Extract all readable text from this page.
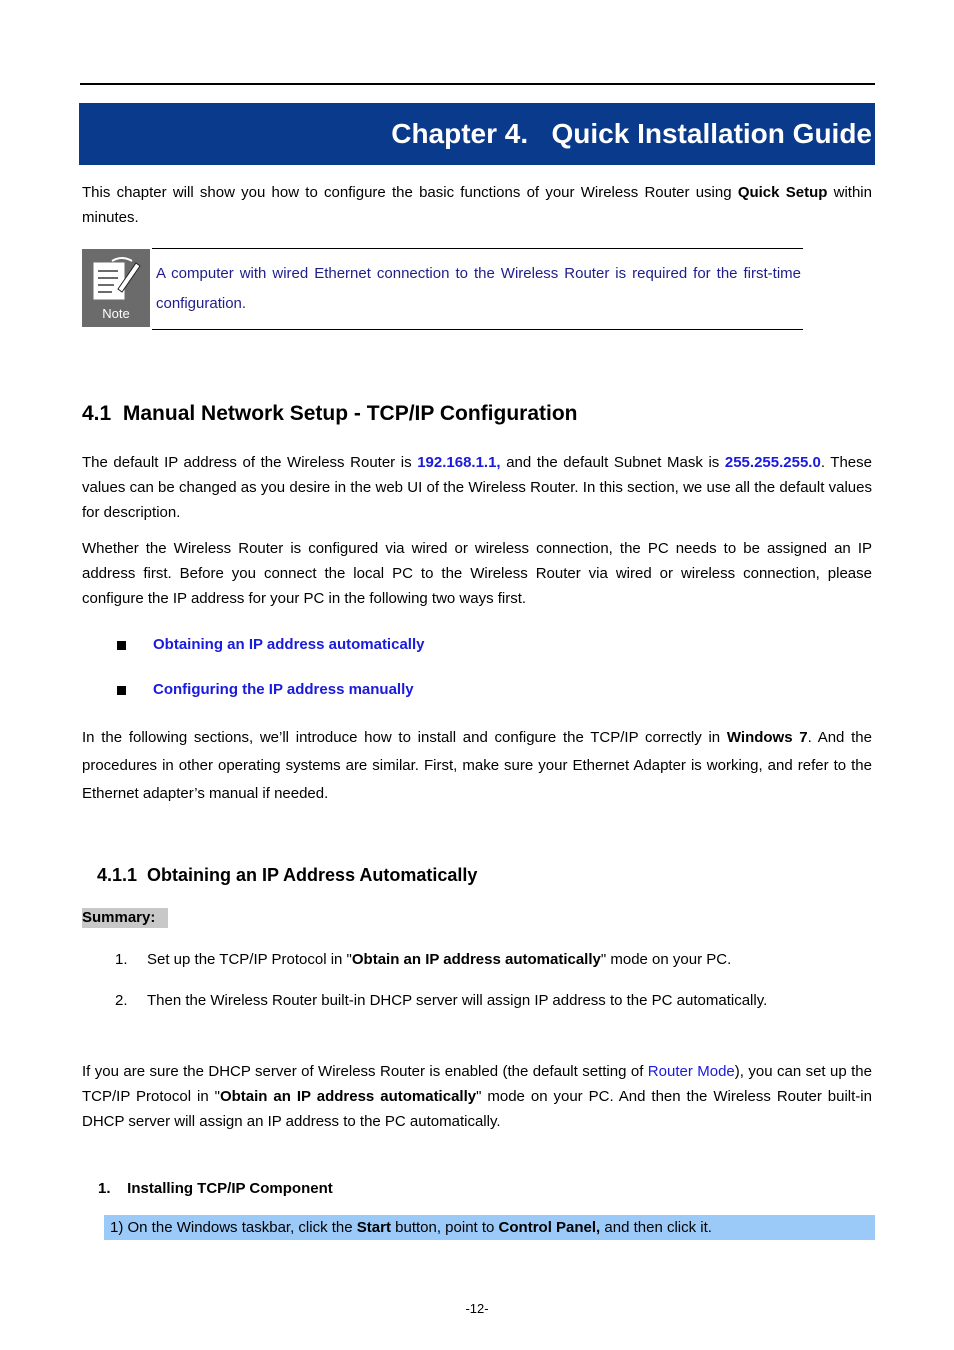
Chapter 4. Quick Installation Guide
This chapter will show you how to configure the basic functions of your Wireless Router using Quick Setup within minutes.
Note
A computer with wired Ethernet connection to the Wireless Router is required for the first-time configuration.
4.1  Manual Network Setup - TCP/IP Configuration
The default IP address of the Wireless Router is 192.168.1.1, and the default Subnet Mask is 255.255.255.0. These values can be changed as you desire in the web UI of the Wireless Router. In this section, we use all the default values for description.
Whether the Wireless Router is configured via wired or wireless connection, the PC needs to be assigned an IP address first. Before you connect the local PC to the Wireless Router via wired or wireless connection, please configure the IP address for your PC in the following two ways first.
Obtaining an IP address automatically
Configuring the IP address manually
In the following sections, we’ll introduce how to install and configure the TCP/IP correctly in Windows 7. And the procedures in other operating systems are similar. First, make sure your Ethernet Adapter is working, and refer to the Ethernet adapter’s manual if needed.
4.1.1  Obtaining an IP Address Automatically
Summary:
1. Set up the TCP/IP Protocol in "Obtain an IP address automatically" mode on your PC.
2. Then the Wireless Router built-in DHCP server will assign IP address to the PC automatically.
If you are sure the DHCP server of Wireless Router is enabled (the default setting of Router Mode), you can set up the TCP/IP Protocol in "Obtain an IP address automatically" mode on your PC. And then the Wireless Router built-in DHCP server will assign an IP address to the PC automatically.
1.    Installing TCP/IP Component
1) On the Windows taskbar, click the Start button, point to Control Panel, and then click it.
-12-
